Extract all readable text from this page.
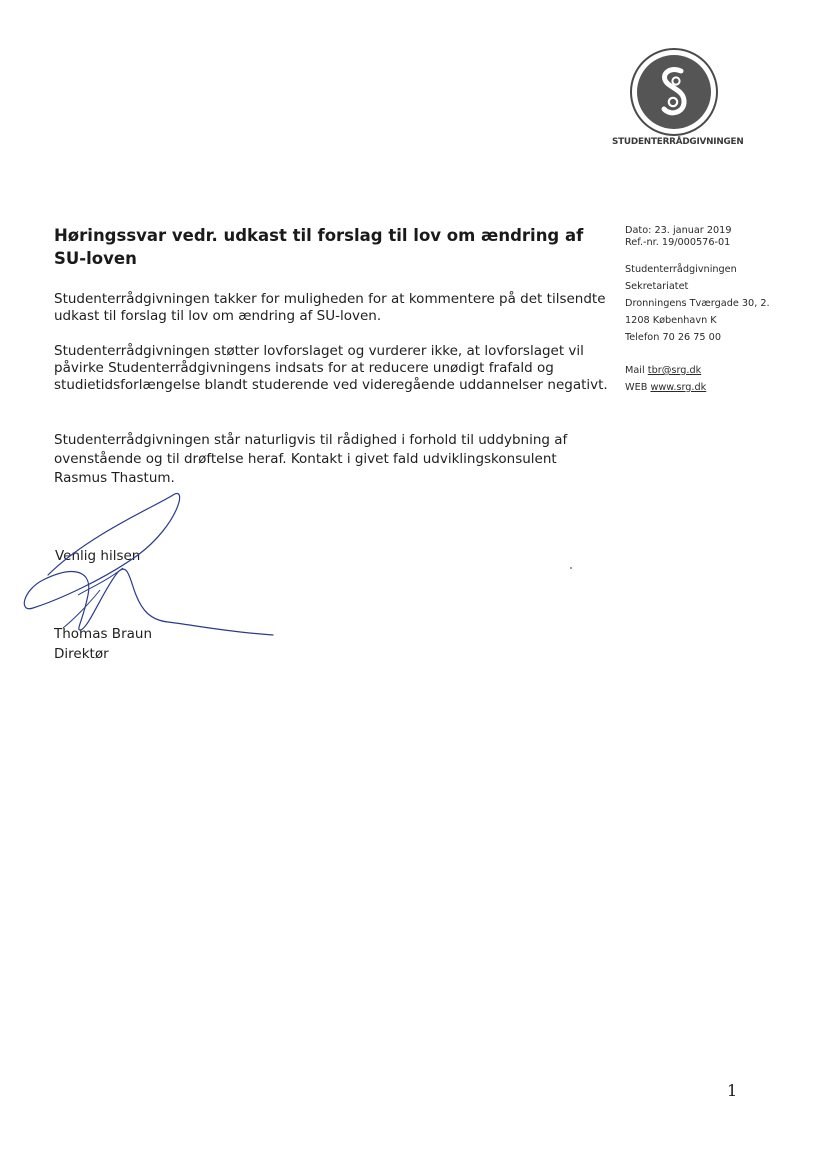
STUDENTERRÅDGIVNINGEN
Høringssvar vedr. udkast til forslag til lov om ændring af SU-loven

Studenterrådgivningen takker for muligheden for at kommentere på det tilsendte udkast til forslag til lov om ændring af SU-loven.

Studenterrådgivningen støtter lovforslaget og vurderer ikke, at lovforslaget vil påvirke Studenterrådgivningens indsats for at reducere unødigt frafald og studietidsforlængelse blandt studerende ved videregående uddannelser negativt.

Studenterrådgivningen står naturligvis til rådighed i forhold til uddybning af ovenstående og til drøftelse heraf. Kontakt i givet fald udviklingskonsulent Rasmus Thastum.

Venlig hilsen
Thomas Braun
Direktør
Dato: 23. januar 2019
Ref.-nr. 19/000576-01
Studenterrådgivningen
Sekretariatet
Dronningens Tværgade 30, 2.
1208 København K
Telefon 70 26 75 00
Mail tbr@srg.dk
WEB www.srg.dk
1
